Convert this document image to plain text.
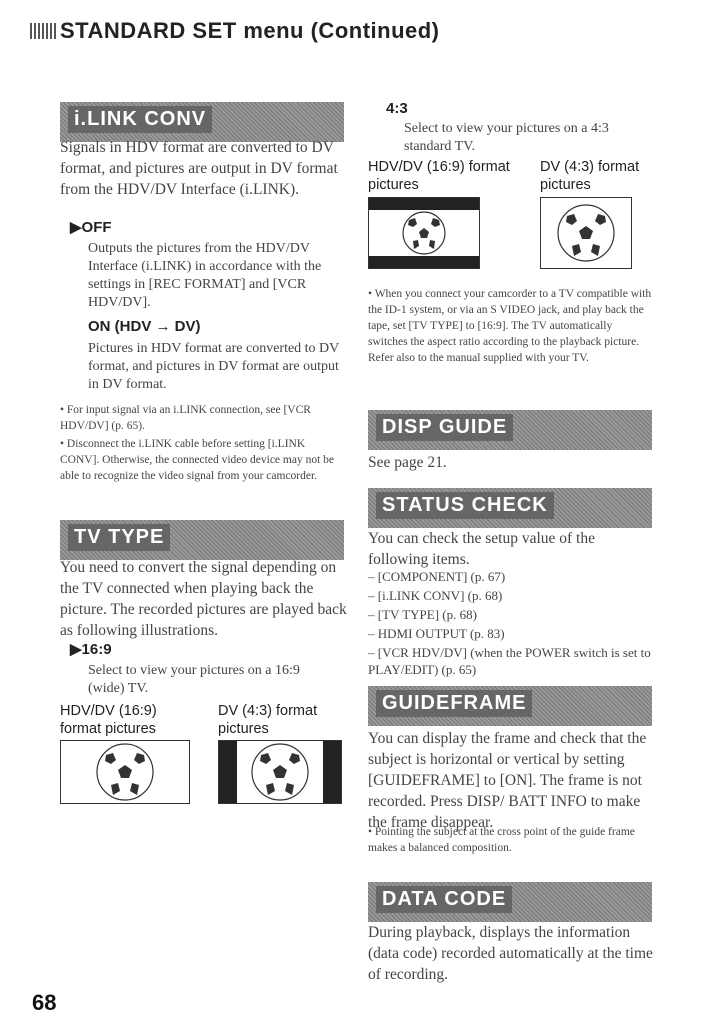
STANDARD SET menu (Continued)
i.LINK CONV
Signals in HDV format are converted to DV format, and pictures are output in DV format from the HDV/DV Interface (i.LINK).
▶OFF
Outputs the pictures from the HDV/DV Interface (i.LINK) in accordance with the settings in [REC FORMAT] and [VCR HDV/DV].
ON (HDV → DV)
Pictures in HDV format are converted to DV format, and pictures in DV format are output in DV format.
• For input signal via an i.LINK connection, see [VCR HDV/DV] (p. 65).
• Disconnect the i.LINK cable before setting [i.LINK CONV]. Otherwise, the connected video device may not be able to recognize the video signal from your camcorder.
TV TYPE
You need to convert the signal depending on the TV connected when playing back the picture. The recorded pictures are played back as following illustrations.
▶16:9
Select to view your pictures on a 16:9 (wide) TV.
HDV/DV (16:9) format pictures
DV (4:3) format pictures
4:3
Select to view your pictures on a 4:3 standard TV.
HDV/DV (16:9) format pictures
DV (4:3) format pictures
• When you connect your camcorder to a TV compatible with the ID-1 system, or via an S VIDEO jack, and play back the tape, set [TV TYPE] to [16:9]. The TV automatically switches the aspect ratio according to the playback picture. Refer also to the manual supplied with your TV.
DISP GUIDE
See page 21.
STATUS CHECK
You can check the setup value of the following items.
– [COMPONENT] (p. 67)
– [i.LINK CONV] (p. 68)
– [TV TYPE] (p. 68)
– HDMI OUTPUT (p. 83)
– [VCR HDV/DV] (when the POWER switch is set to PLAY/EDIT) (p. 65)
GUIDEFRAME
You can display the frame and check that the subject is horizontal or vertical by setting [GUIDEFRAME] to [ON]. The frame is not recorded. Press DISP/ BATT INFO to make the frame disappear.
• Pointing the subject at the cross point of the guide frame makes a balanced composition.
DATA CODE
During playback, displays the information (data code) recorded automatically at the time of recording.
68
